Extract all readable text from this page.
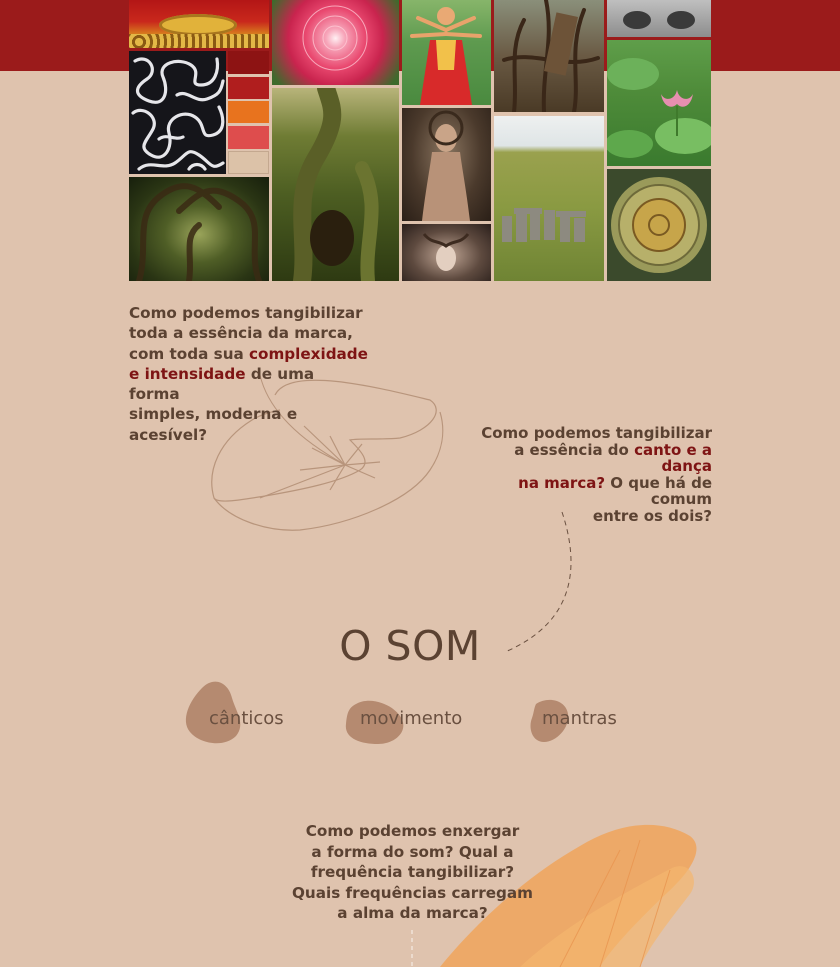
Como podemos tangibilizar
toda a essência da marca,
com toda sua complexidade
e intensidade de uma forma
simples, moderna e acesível?	Como podemos tangibilizar
a essência do canto e a dança
na marca? O que há de comum
entre os dois?
O SOM
cânticos	movimento	mantras
Como podemos enxergar
a forma do som? Qual a
frequência tangibilizar?
Quais frequências carregam
a alma da marca?
